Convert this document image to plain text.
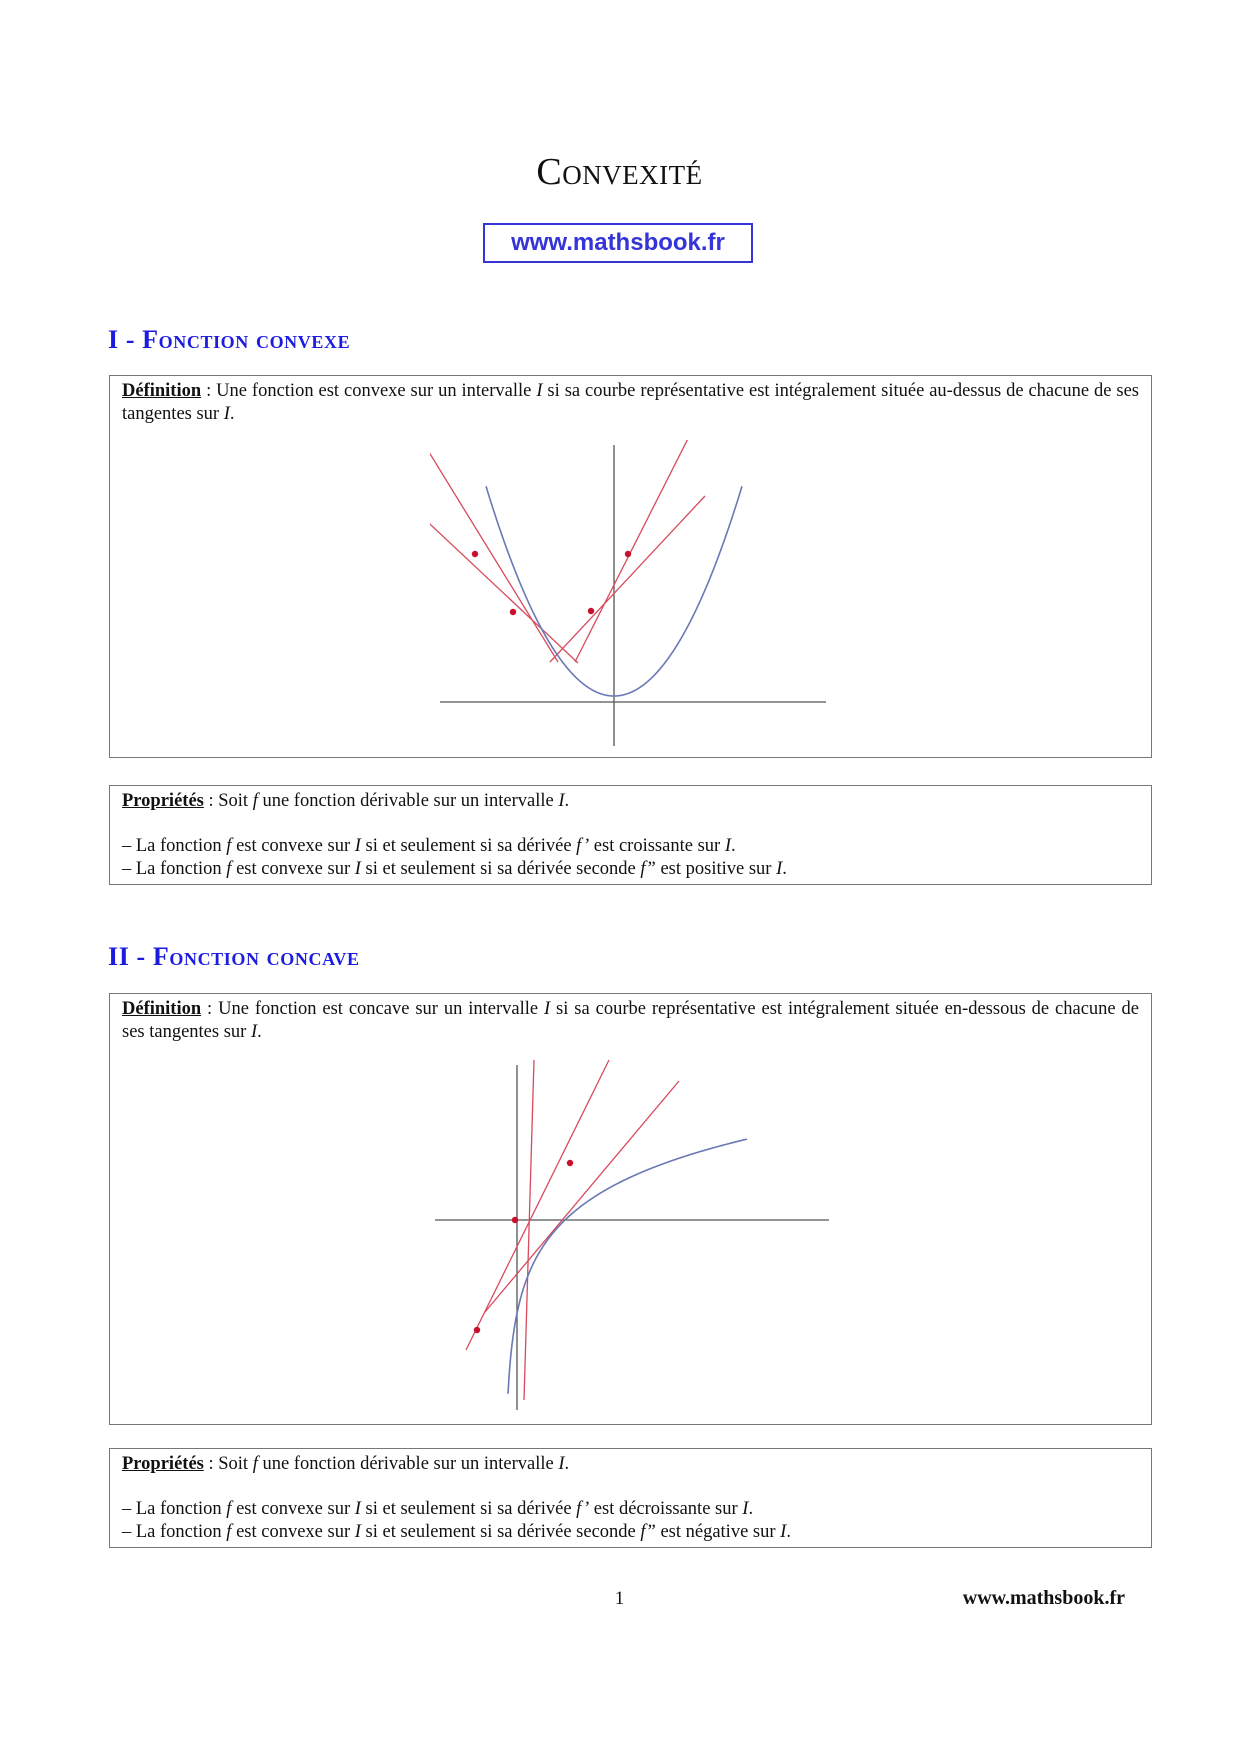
Convexité
www.mathsbook.fr
I - Fonction convexe
Définition : Une fonction est convexe sur un intervalle I si sa courbe représentative est intégralement située au-dessus de chacune de ses tangentes sur I.
Propriétés : Soit f une fonction dérivable sur un intervalle I.
– La fonction f est convexe sur I si et seulement si sa dérivée f’ est croissante sur I.
– La fonction f est convexe sur I si et seulement si sa dérivée seconde f” est positive sur I.
II - Fonction concave
Définition : Une fonction est concave sur un intervalle I si sa courbe représentative est intégralement située en-dessous de chacune de ses tangentes sur I.
Propriétés : Soit f une fonction dérivable sur un intervalle I.
– La fonction f est convexe sur I si et seulement si sa dérivée f’ est décroissante sur I.
– La fonction f est convexe sur I si et seulement si sa dérivée seconde f” est négative sur I.
1	www.mathsbook.fr
